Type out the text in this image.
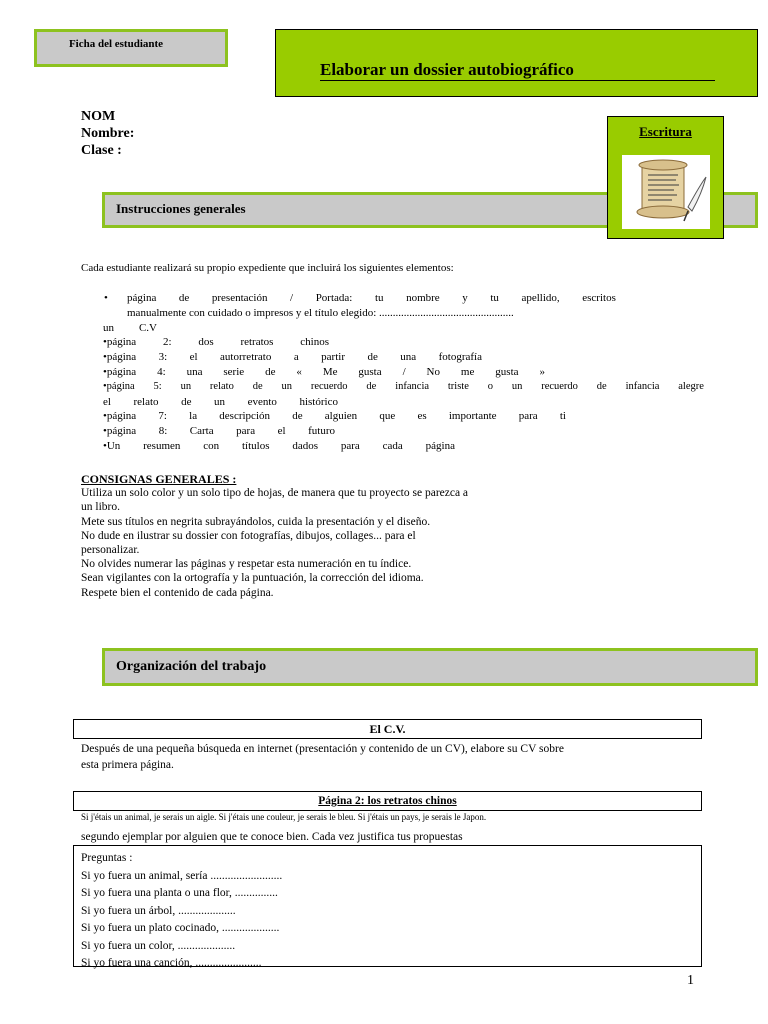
Ficha del estudiante
Elaborar un dossier autobiográfico
NOM
Nombre:
Clase :
Instrucciones generales
Escritura
Cada estudiante realizará su propio expediente que incluirá los siguientes elementos:
• página de presentación / Portada: tu nombre y tu apellido, escritos
manualmente con cuidado o impresos y el título elegido: .................................................
un C.V
•página 2: dos retratos chinos
•página 3: el autorretrato a partir de una fotografía
•página 4: una serie de « Me gusta / No me gusta »
•página 5: un relato de un recuerdo de infancia triste o un recuerdo de infancia alegre
el relato de un evento histórico
•página 7: la descripción de alguien que es importante para ti
•página 8: Carta para el futuro
•Un resumen con títulos dados para cada página
CONSIGNAS GENERALES :
Utiliza un solo color y un solo tipo de hojas, de manera que tu proyecto se parezca a
un libro.
Mete sus títulos en negrita subrayándolos, cuida la presentación y el diseño.
No dude en ilustrar su dossier con fotografías, dibujos, collages... para el
personalizar.
No olvides numerar las páginas y respetar esta numeración en tu índice.
Sean vigilantes con la ortografía y la puntuación, la corrección del idioma.
Respete bien el contenido de cada página.
Organización del trabajo
El C.V.
Después de una pequeña búsqueda en internet (presentación y contenido de un CV), elabore su CV sobre
esta primera página.
Página 2: los retratos chinos
Si j'étais un animal, je serais un aigle. Si j'étais une couleur, je serais le bleu. Si j'étais un pays, je serais le Japon.
segundo ejemplar por alguien que te conoce bien. Cada vez justifica tus propuestas
Preguntas :
Si yo fuera un animal, sería .........................
Si yo fuera una planta o una flor, ...............
Si yo fuera un árbol, ....................
Si yo fuera un plato cocinado, ....................
Si yo fuera un color, ....................
Si yo fuera una canción, .......................
1
